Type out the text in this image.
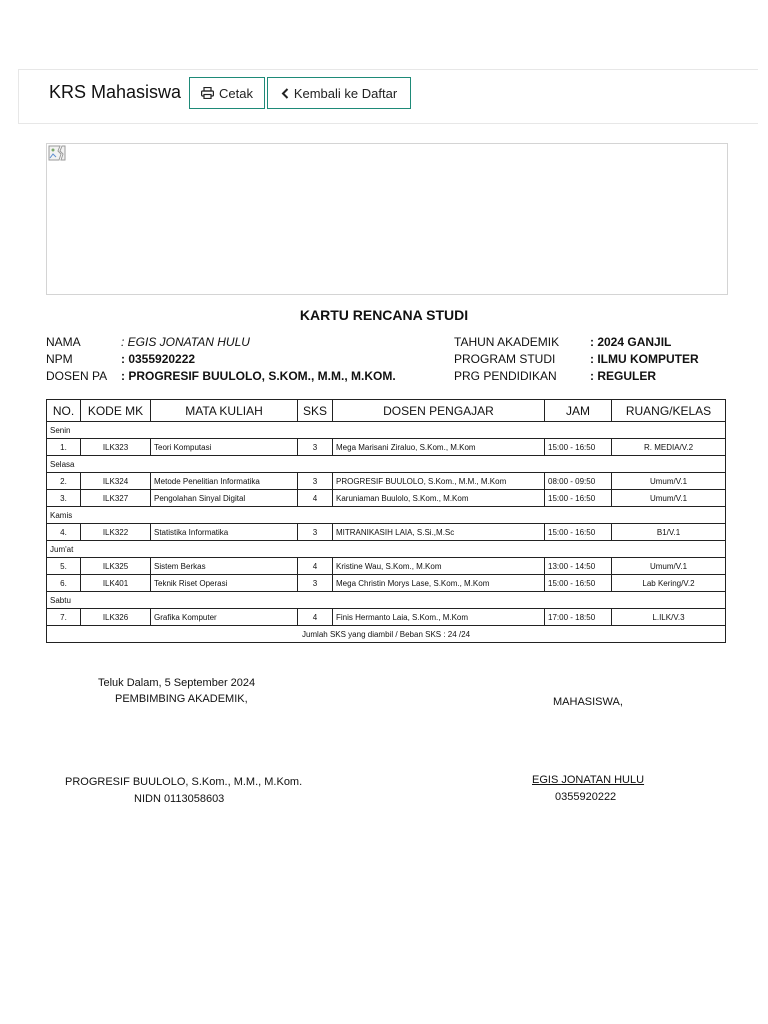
KRS Mahasiswa	Cetak	Kembali ke Daftar
KARTU RENCANA STUDI
NAMA	: EGIS JONATAN HULU
NPM	: 0355920222
DOSEN PA : PROGRESIF BUULOLO, S.KOM., M.M., M.KOM.
TAHUN AKADEMIK	: 2024 GANJIL
PROGRAM STUDI	: ILMU KOMPUTER
PRG PENDIDIKAN	: REGULER
NO.	KODE MK	MATA KULIAH	SKS	DOSEN PENGAJAR	JAM	RUANG/KELAS
Senin						
1.	ILK323	Teori Komputasi	3	Mega Marisani Ziraluo, S.Kom., M.Kom	15:00 - 16:50	R. MEDIA/V.2
Selasa						
2.	ILK324	Metode Penelitian Informatika	3	PROGRESIF BUULOLO, S.Kom., M.M., M.Kom	08:00 - 09:50	Umum/V.1
3.	ILK327	Pengolahan Sinyal Digital	4	Karuniaman Buulolo, S.Kom., M.Kom	15:00 - 16:50	Umum/V.1
Kamis						
4.	ILK322	Statistika Informatika	3	MITRANIKASIH LAIA, S.Si.,M.Sc	15:00 - 16:50	B1/V.1
Jum'at						
5.	ILK325	Sistem Berkas	4	Kristine Wau, S.Kom., M.Kom	13:00 - 14:50	Umum/V.1
6.	ILK401	Teknik Riset Operasi	3	Mega Christin Morys Lase, S.Kom., M.Kom	15:00 - 16:50	Lab Kering/V.2
Sabtu						
7.	ILK326	Grafika Komputer	4	Finis Hermanto Laia, S.Kom., M.Kom	17:00 - 18:50	L.ILK/V.3
Jumlah SKS yang diambil / Beban SKS : 24 /24						
Teluk Dalam, 5 September 2024
PEMBIMBING AKADEMIK,	MAHASISWA,
PROGRESIF BUULOLO, S.Kom., M.M., M.Kom.
NIDN 0113058603
EGIS JONATAN HULU
0355920222
